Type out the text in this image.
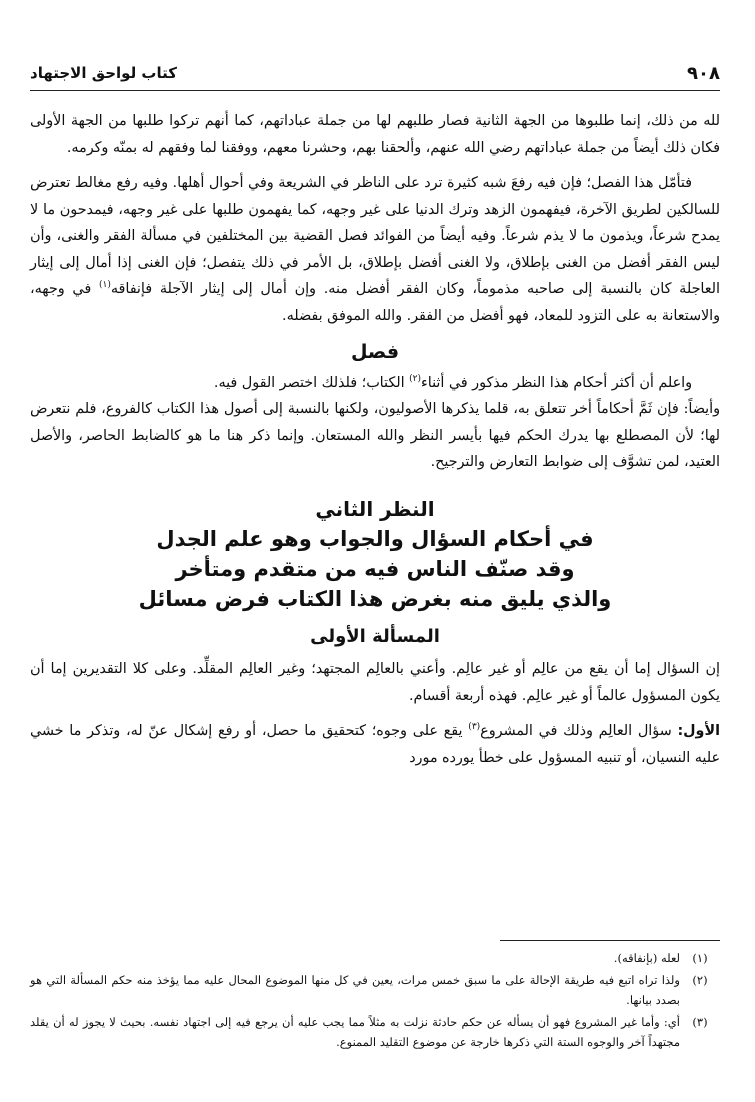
٩٠٨
كتاب لواحق الاجتهاد

لله من ذلك، إنما طلبوها من الجهة الثانية فصار طلبهم لها من جملة عباداتهم، كما أنهم تركوا طلبها من الجهة الأولى فكان ذلك أيضاً من جملة عباداتهم رضي الله عنهم، وألحقنا بهم، وحشرنا معهم، ووفقنا لما وفقهم له بمنّه وكرمه.

فتأمّل هذا الفصل؛ فإن فيه رفعَ شبه كثيرة ترد على الناظر في الشريعة وفي أحوال أهلها. وفيه رفع مغالط تعترض للسالكين لطريق الآخرة، فيفهمون الزهد وترك الدنيا على غير وجهه، كما يفهمون طلبها على غير وجهه، فيمدحون ما لا يمدح شرعاً، ويذمون ما لا يذم شرعاً. وفيه أيضاً من الفوائد فصل القضية بين المختلفين في مسألة الفقر والغنى، وأن ليس الفقر أفضل من الغنى بإطلاق، ولا الغنى أفضل بإطلاق، بل الأمر في ذلك يتفصل؛ فإن الغنى إذا أمال إلى إيثار العاجلة كان بالنسبة إلى صاحبه مذموماً، وكان الفقر أفضل منه. وإن أمال إلى إيثار الآجلة فإنفاقه$^{(١)}$ في وجهه، والاستعانة به على التزود للمعاد، فهو أفضل من الفقر. والله الموفق بفضله.

فصل

واعلم أن أكثر أحكام هذا النظر مذكور في أثناء$^{(٢)}$ الكتاب؛ فلذلك اختصر القول فيه.

وأيضاً: فإن ثَمَّ أحكاماً أخر تتعلق به، قلما يذكرها الأصوليون، ولكنها بالنسبة إلى أصول هذا الكتاب كالفروع، فلم نتعرض لها؛ لأن المصطلع بها يدرك الحكم فيها بأيسر النظر والله المستعان. وإنما ذكر هنا ما هو كالضابط الحاصر، والأصل العتيد، لمن تشوَّف إلى ضوابط التعارض والترجيح.

النظر الثاني
في أحكام السؤال والجواب وهو علم الجدل
وقد صنّف الناس فيه من متقدم ومتأخر
والذي يليق منه بغرض هذا الكتاب فرض مسائل
المسألة الأولى

إن السؤال إما أن يقع من عالِم أو غير عالِم. وأعني بالعالِم المجتهد؛ وغير العالِم المقلِّد. وعلى كلا التقديرين إما أن يكون المسؤول عالماً أو غير عالِم. فهذه أربعة أقسام.

الأول: سؤال العالِم وذلك في المشروع$^{(٣)}$ يقع على وجوه؛ كتحقيق ما حصل، أو رفع إشكال عنّ له، وتذكر ما خشي عليه النسيان، أو تنبيه المسؤول على خطأ يورده مورد

(١)
لعله (بإنفاقه).
(٢)
ولذا تراه اتبع فيه طريقة الإحالة على ما سبق خمس مرات، يعين في كل منها الموضوع المحال عليه مما يؤخذ منه حكم المسألة التي هو بصدد بيانها.
(٣)
أي: وأما غير المشروع فهو أن يسأله عن حكم حادثة نزلت به مثلاً مما يجب عليه أن يرجع فيه إلى اجتهاد نفسه. بحيث لا يجوز له أن يقلد مجتهداً آخر والوجوه الستة التي ذكرها خارجة عن موضوع التقليد الممنوع.
